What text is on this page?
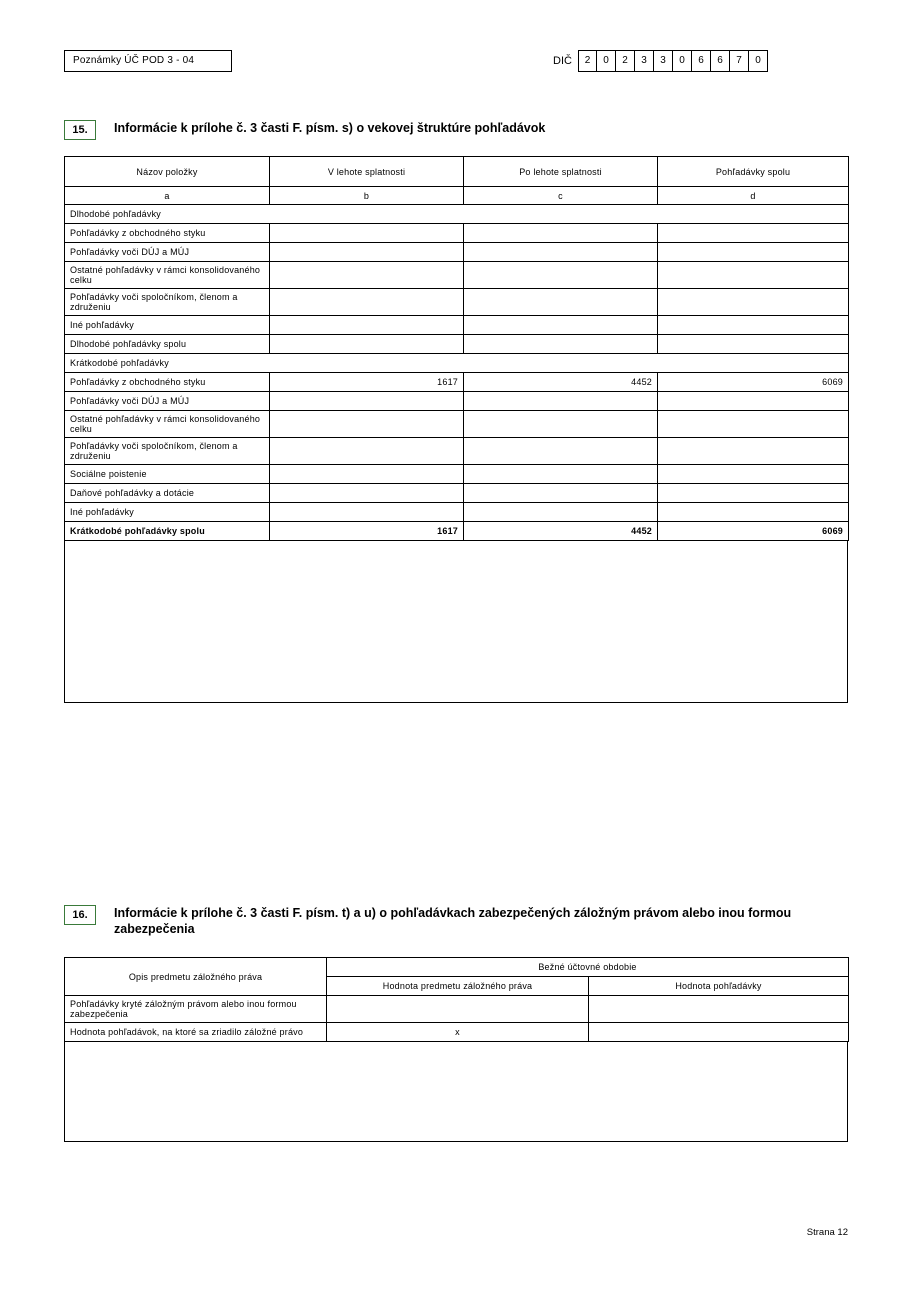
Poznámky ÚČ POD 3 - 04	DIČ	2	0	2	3	3	0	6	6	7	0
15.	Informácie k prílohe č. 3 časti F. písm. s) o vekovej štruktúre pohľadávok
Názov položky	V lehote splatnosti	Po lehote splatnosti	Pohľadávky spolu
a	b	c	d
Dlhodobé pohľadávky			
Pohľadávky z obchodného styku			
Pohľadávky voči DÚJ a MÚJ			
Ostatné pohľadávky v rámci konsolidovaného celku			
Pohľadávky voči spoločníkom, členom a združeniu			
Iné pohľadávky			
Dlhodobé pohľadávky spolu			
Krátkodobé pohľadávky			
Pohľadávky z obchodného styku	1617	4452	6069
Pohľadávky voči DÚJ a MÚJ			
Ostatné pohľadávky v rámci konsolidovaného celku			
Pohľadávky voči spoločníkom, členom a združeniu			
Sociálne poistenie			
Daňové pohľadávky a dotácie			
Iné pohľadávky			
Krátkodobé pohľadávky spolu	1617	4452	6069
16.	Informácie k prílohe č. 3 časti F. písm. t) a u) o pohľadávkach zabezpečených záložným právom alebo inou formou zabezpečenia
Opis predmetu záložného práva	Bežné účtovné obdobie	
	Hodnota predmetu záložného práva	Hodnota pohľadávky
Pohľadávky kryté záložným právom alebo inou formou zabezpečenia		
Hodnota pohľadávok, na ktoré sa zriadilo záložné právo	x	
Strana 12
